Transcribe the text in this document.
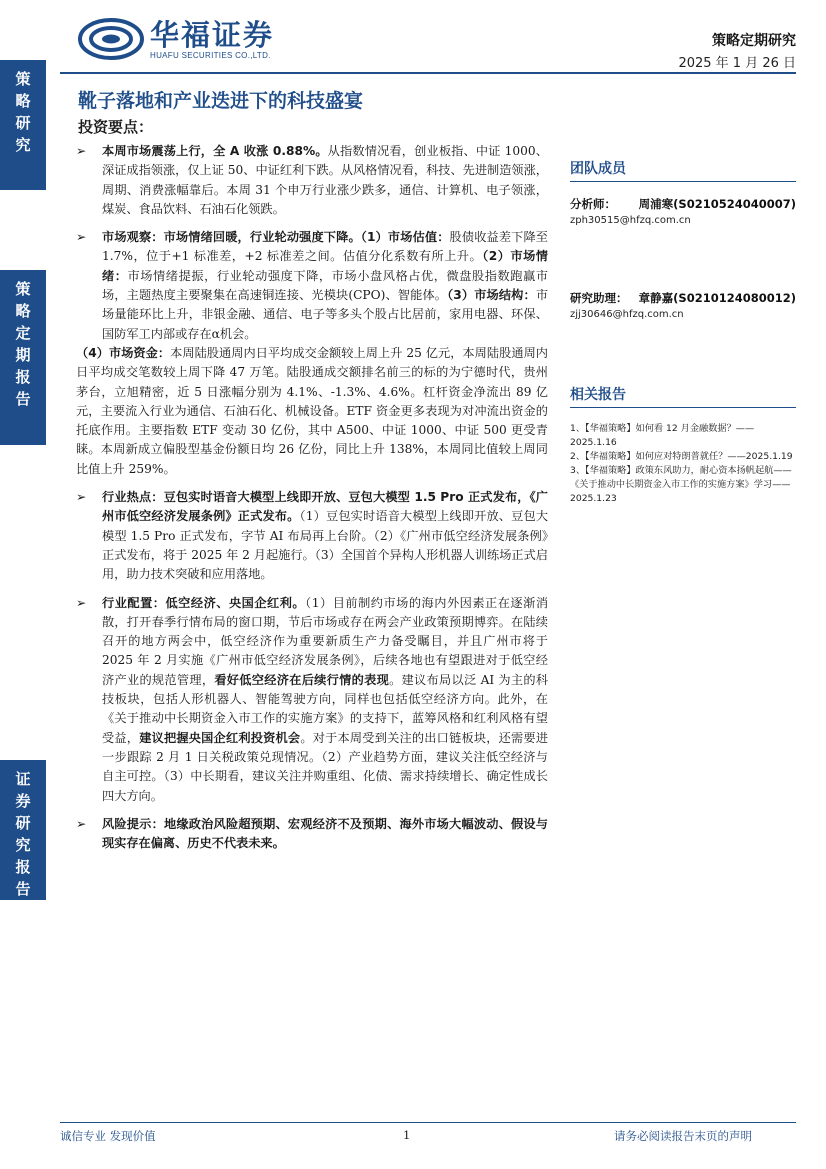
策
略
研
究
策
略
定
期
报
告
证
券
研
究
报
告
华福证券
HUAFU SECURITIES CO.,LTD.
策略定期研究
2025 年 1 月 26 日
靴子落地和产业迭进下的科技盛宴
投资要点：
➢	本周市场震荡上行，全 A 收涨 0.88%。从指数情况看，创业板指、中证 1000、深证成指领涨，仅上证 50、中证红利下跌。从风格情况看，科技、先进制造领涨，周期、消费涨幅靠后。本周 31 个申万行业涨少跌多，通信、计算机、电子领涨，煤炭、食品饮料、石油石化领跌。

➢	市场观察：市场情绪回暖，行业轮动强度下降。（1）市场估值：股债收益差下降至 1.7%，位于+1 标准差，+2 标准差之间。估值分化系数有所上升。（2）市场情绪：市场情绪提振，行业轮动强度下降，市场小盘风格占优，微盘股指数跑赢市场，主题热度主要聚集在高速铜连接、光模块(CPO)、智能体。（3）市场结构：市场量能环比上升，非银金融、通信、电子等多头个股占比居前，家用电器、环保、国防军工内部或存在α机会。

（4）市场资金：本周陆股通周内日平均成交金额较上周上升 25 亿元，本周陆股通周内日平均成交笔数较上周下降 47 万笔。陆股通成交额排名前三的标的为宁德时代，贵州茅台，立旭精密，近 5 日涨幅分别为 4.1%、-1.3%、4.6%。杠杆资金净流出 89 亿元，主要流入行业为通信、石油石化、机械设备。ETF 资金更多表现为对冲流出资金的托底作用。主要指数 ETF 变动 30 亿份，其中 A500、中证 1000、中证 500 更受青睐。本周新成立偏股型基金份额日均 26 亿份，同比上升 138%，本周同比值较上周同比值上升 259%。

➢	行业热点：豆包实时语音大模型上线即开放、豆包大模型 1.5 Pro 正式发布，《广州市低空经济发展条例》正式发布。（1）豆包实时语音大模型上线即开放、豆包大模型 1.5 Pro 正式发布，字节 AI 布局再上台阶。（2）《广州市低空经济发展条例》正式发布，将于 2025 年 2 月起施行。（3）全国首个异构人形机器人训练场正式启用，助力技术突破和应用落地。

➢	行业配置：低空经济、央国企红利。（1）目前制约市场的海内外因素正在逐渐消散，打开春季行情布局的窗口期，节后市场或存在两会产业政策预期博弈。在陆续召开的地方两会中，低空经济作为重要新质生产力备受瞩目，并且广州市将于 2025 年 2 月实施《广州市低空经济发展条例》，后续各地也有望跟进对于低空经济产业的规范管理，看好低空经济在后续行情的表现。建议布局以泛 AI 为主的科技板块，包括人形机器人、智能驾驶方向，同样也包括低空经济方向。此外，在《关于推动中长期资金入市工作的实施方案》的支持下，蓝筹风格和红利风格有望受益，建议把握央国企红利投资机会。对于本周受到关注的出口链板块，还需要进一步跟踪 2 月 1 日关税政策兑现情况。（2）产业趋势方面，建议关注低空经济与自主可控。（3）中长期看，建议关注并购重组、化债、需求持续增长、确定性成长四大方向。

➢	风险提示：地缘政治风险超预期、宏观经济不及预期、海外市场大幅波动、假设与现实存在偏离、历史不代表未来。

团队成员
分析师： 周浦寒(S0210524040007)
zph30515@hfzq.com.cn
研究助理： 章静嘉(S0210124080012)
zjj30646@hfzq.com.cn
相关报告
1、【华福策略】如何看 12 月金融数据？——2025.1.16
2、【华福策略】如何应对特朗普就任？——2025.1.19
3、【华福策略】政策东风助力，耐心资本扬帆起航——《关于推动中长期资金入市工作的实施方案》学习——2025.1.23
诚信专业 发现价值	1	请务必阅读报告末页的声明
